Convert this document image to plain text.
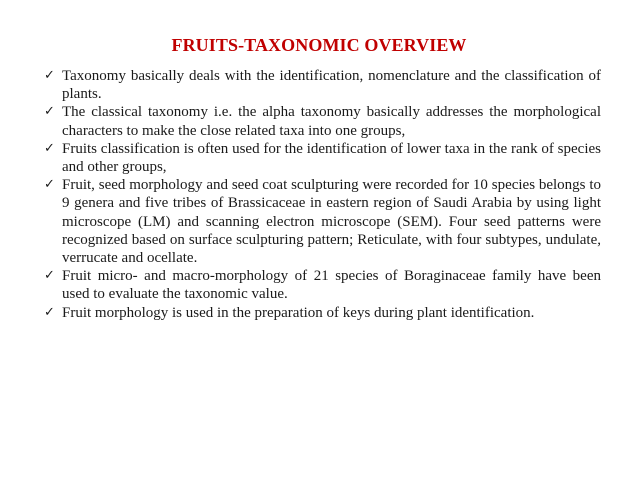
FRUITS-TAXONOMIC OVERVIEW
✓ Taxonomy basically deals with the identification, nomenclature and the classification of plants.
✓ The classical taxonomy i.e. the alpha taxonomy basically addresses the morphological characters to make the close related taxa into one groups,
✓ Fruits classification is often used for the identification of lower taxa in the rank of species and other groups,
✓ Fruit, seed morphology and seed coat sculpturing were recorded for 10 species belongs to 9 genera and five tribes of Brassicaceae in eastern region of Saudi Arabia by using light microscope (LM) and scanning electron microscope (SEM). Four seed patterns were recognized based on surface sculpturing pattern; Reticulate, with four subtypes, undulate, verrucate and ocellate.
✓ Fruit micro- and macro-morphology of 21 species of Boraginaceae family have been used to evaluate the taxonomic value.
✓ Fruit morphology is used in the preparation of keys during plant identification.
